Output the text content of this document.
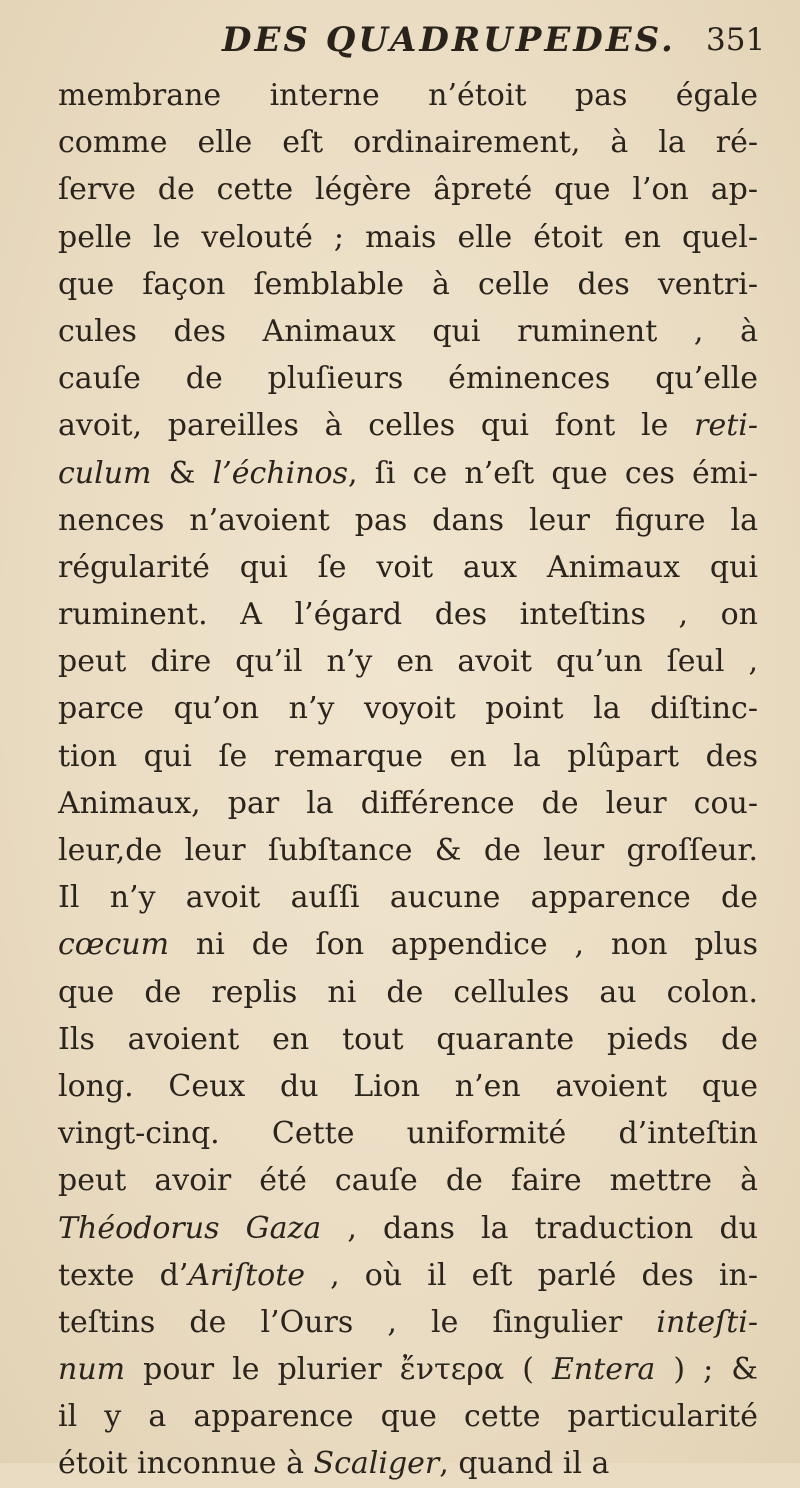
DES QUADRUPEDES. 351
membrane interne n’étoit pas égale
comme elle eſt ordinairement, à la ré-
ſerve de cette légère âpreté que l’on ap-
pelle le velouté ; mais elle étoit en quel-
que façon ſemblable à celle des ventri-
cules des Animaux qui ruminent , à
cauſe de pluſieurs éminences qu’elle
avoit, pareilles à celles qui font le reti-
culum & l’échinos, ſi ce n’eſt que ces émi-
nences n’avoient pas dans leur figure la
régularité qui ſe voit aux Animaux qui
ruminent. A l’égard des inteſtins , on
peut dire qu’il n’y en avoit qu’un ſeul ,
parce qu’on n’y voyoit point la diſtinc-
tion qui ſe remarque en la plûpart des
Animaux, par la différence de leur cou-
leur,de leur ſubſtance & de leur groſſeur.
Il n’y avoit auſſi aucune apparence de
cœcum ni de ſon appendice , non plus
que de replis ni de cellules au colon.
Ils avoient en tout quarante pieds de
long. Ceux du Lion n’en avoient que
vingt-cinq. Cette uniformité d’inteſtin
peut avoir été cauſe de faire mettre à
Théodorus Gaza , dans la traduction du
texte d’Ariſtote , où il eſt parlé des in-
teſtins de l’Ours , le ſingulier inteſti-
num pour le plurier ἔντερα ( Entera ) ; &
il y a apparence que cette particularité
étoit inconnue à Scaliger, quand il a
